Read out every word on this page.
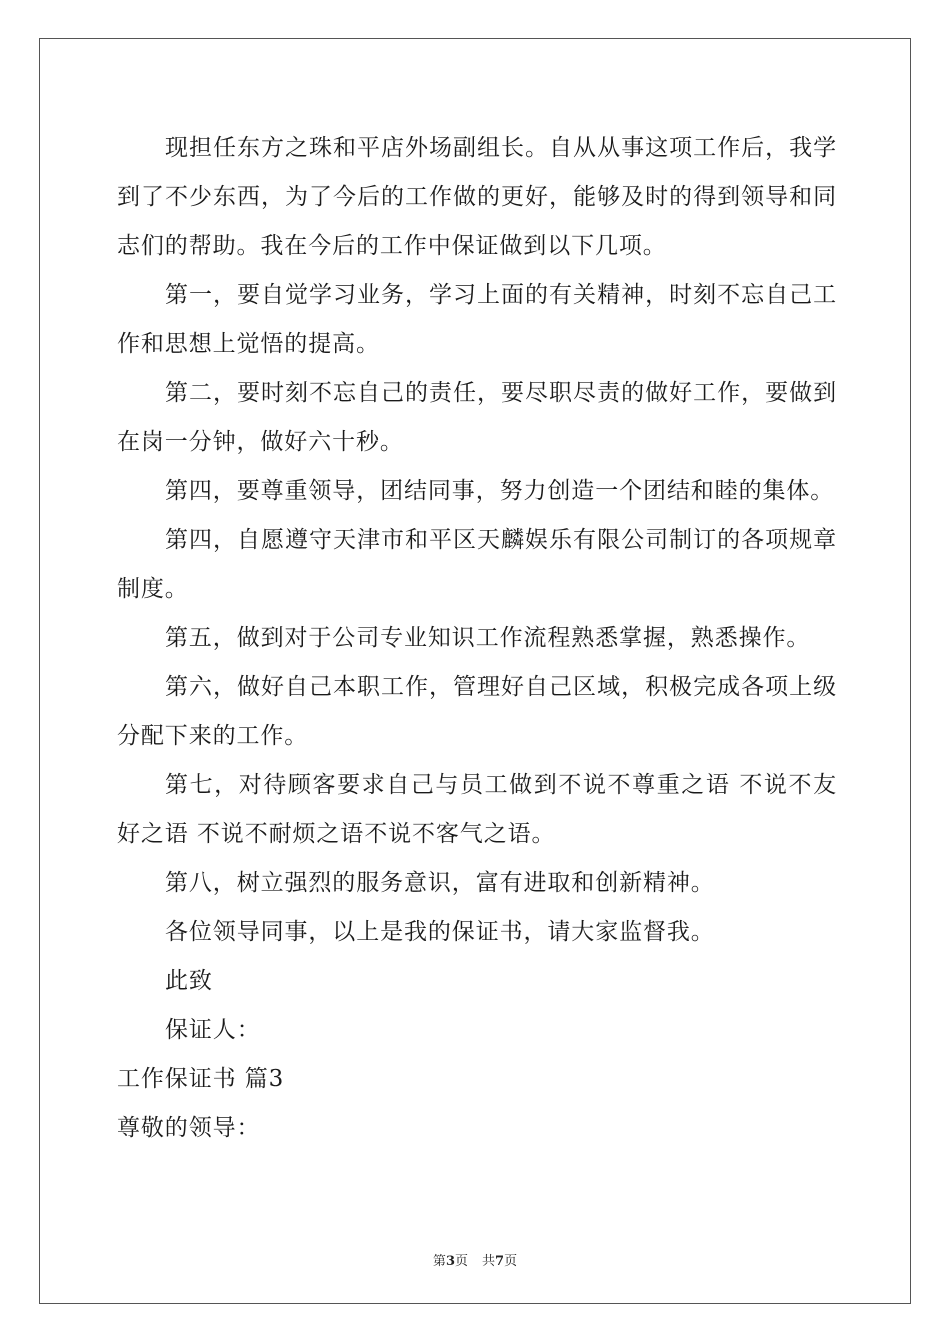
现担任东方之珠和平店外场副组长。自从从事这项工作后，我学到了不少东西，为了今后的工作做的更好，能够及时的得到领导和同志们的帮助。我在今后的工作中保证做到以下几项。

第一，要自觉学习业务，学习上面的有关精神，时刻不忘自己工作和思想上觉悟的提高。

第二，要时刻不忘自己的责任，要尽职尽责的做好工作，要做到在岗一分钟，做好六十秒。

第四，要尊重领导，团结同事，努力创造一个团结和睦的集体。

第四，自愿遵守天津市和平区天麟娱乐有限公司制订的各项规章制度。

第五，做到对于公司专业知识工作流程熟悉掌握，熟悉操作。

第六，做好自己本职工作，管理好自己区域，积极完成各项上级分配下来的工作。

第七，对待顾客要求自己与员工做到不说不尊重之语 不说不友好之语 不说不耐烦之语不说不客气之语。

第八，树立强烈的服务意识，富有进取和创新精神。

各位领导同事，以上是我的保证书，请大家监督我。

此致

保证人：

工作保证书 篇3

尊敬的领导：

第3页 共7页
